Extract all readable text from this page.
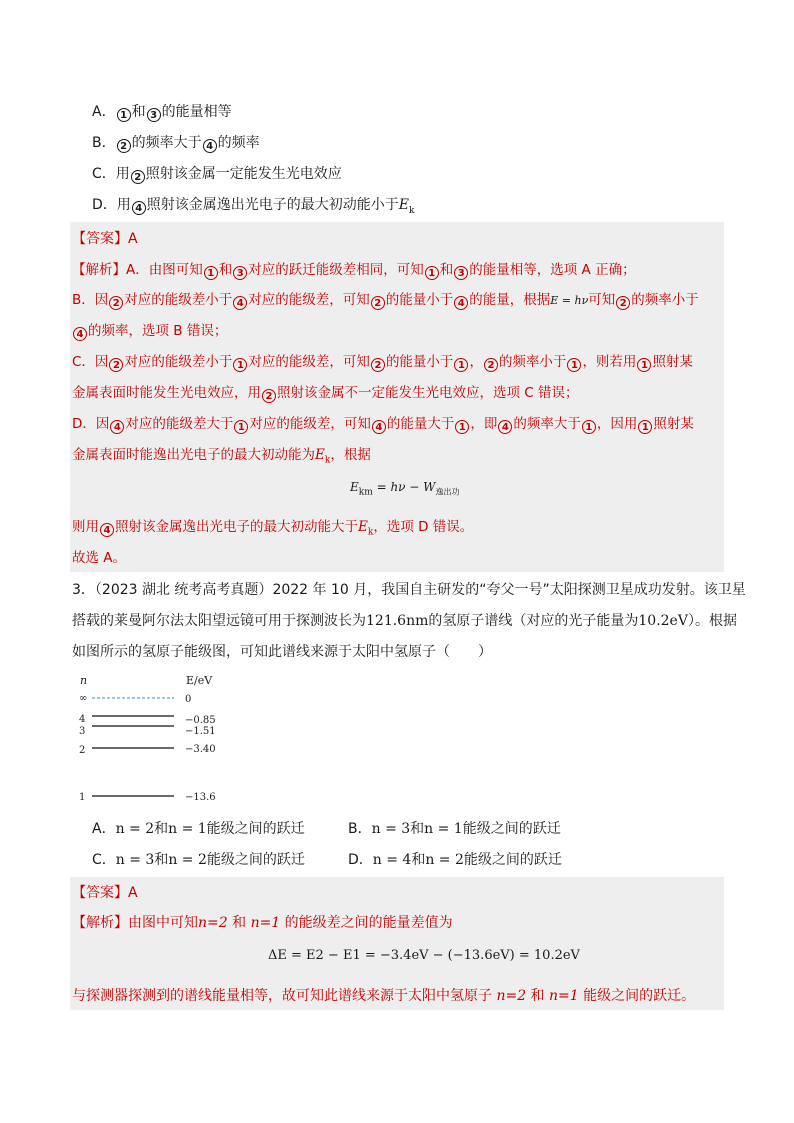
A． 1 和 3 的能量相等
B． 2 的频率大于 4 的频率
C．用 2 照射该金属一定能发生光电效应
D．用 4 照射该金属逸出光电子的最大初动能小于$E_k$
【答案】A
【解析】A．由图可知 1 和 3 对应的跃迁能级差相同，可知 1 和 3 的能量相等，选项 A 正确；
B．因 2 对应的能级差小于 4 对应的能级差，可知 2 的能量小于 4 的能量，根据E = hν可知 2 的频率小于
4 的频率，选项 B 错误；
C．因 2 对应的能级差小于 1 对应的能级差，可知 2 的能量小于 1 ， 2 的频率小于 1 ，则若用 1 照射某
金属表面时能发生光电效应，用 2 照射该金属不一定能发生光电效应，选项 C 错误；
D．因 4 对应的能级差大于 1 对应的能级差，可知 4 的能量大于 1 ，即 4 的频率大于 1 ，因用 1 照射某
金属表面时能逸出光电子的最大初动能为$E_k$，根据
$E_{km} = h\nu - W_{逸出功}$
则用 4 照射该金属逸出光电子的最大初动能大于$E_k$，选项 D 错误。
故选 A。
3．（2023 湖北 统考高考真题）2022 年 10 月，我国自主研发的“夸父一号”太阳探测卫星成功发射。该卫星
搭载的莱曼阿尔法太阳望远镜可用于探测波长为121.6nm的氢原子谱线（对应的光子能量为10.2eV）。根据
如图所示的氢原子能级图，可知此谱线来源于太阳中氢原子（　　）
n	E/eV
∞	0
4	−0.85
3	−1.51
2	−3.40
1	−13.6
A．n = 2和n = 1能级之间的跃迁	B．n = 3和n = 1能级之间的跃迁
C．n = 3和n = 2能级之间的跃迁	D．n = 4和n = 2能级之间的跃迁
【答案】A
【解析】由图中可知n=2 和 n=1 的能级差之间的能量差值为
ΔE = E2 − E1 = −3.4eV − (−13.6eV) = 10.2eV
与探测器探测到的谱线能量相等，故可知此谱线来源于太阳中氢原子 n=2 和 n=1 能级之间的跃迁。
